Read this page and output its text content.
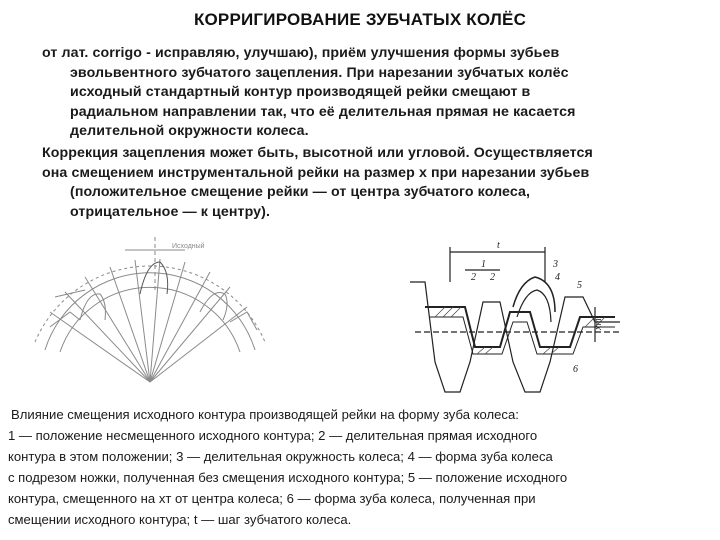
КОРРИГИРОВАНИЕ ЗУБЧАТЫХ КОЛЁС
от лат. corrigo - исправляю, улучшаю), приём улучшения формы зубьев
эвольвентного зубчатого зацепления. При нарезании зубчатых колёс
исходный стандартный контур производящей рейки смещают в
радиальном направлении так, что её делительная прямая не касается
делительной окружности колеса.
Коррекция зацепления может быть, высотной или угловой. Осуществляется
она смещением инструментальной рейки на размер x при нарезании зубьев
(положительное смещение рейки — от центра зубчатого колеса,
отрицательное — к центру).
Исходный
1
t
2 2
3
4
5
6
xm
Влияние смещения исходного контура производящей рейки на форму зуба колеса:
1 — положение несмещенного исходного контура; 2 — делительная прямая исходного
контура в этом положении; 3 — делительная окружность колеса; 4 — форма зуба колеса
с подрезом ножки, полученная без смещения исходного контура; 5 — положение исходного
контура, смещенного на xт от центра колеса; 6 — форма зуба колеса, полученная при
смещении исходного контура; t — шаг зубчатого колеса.
